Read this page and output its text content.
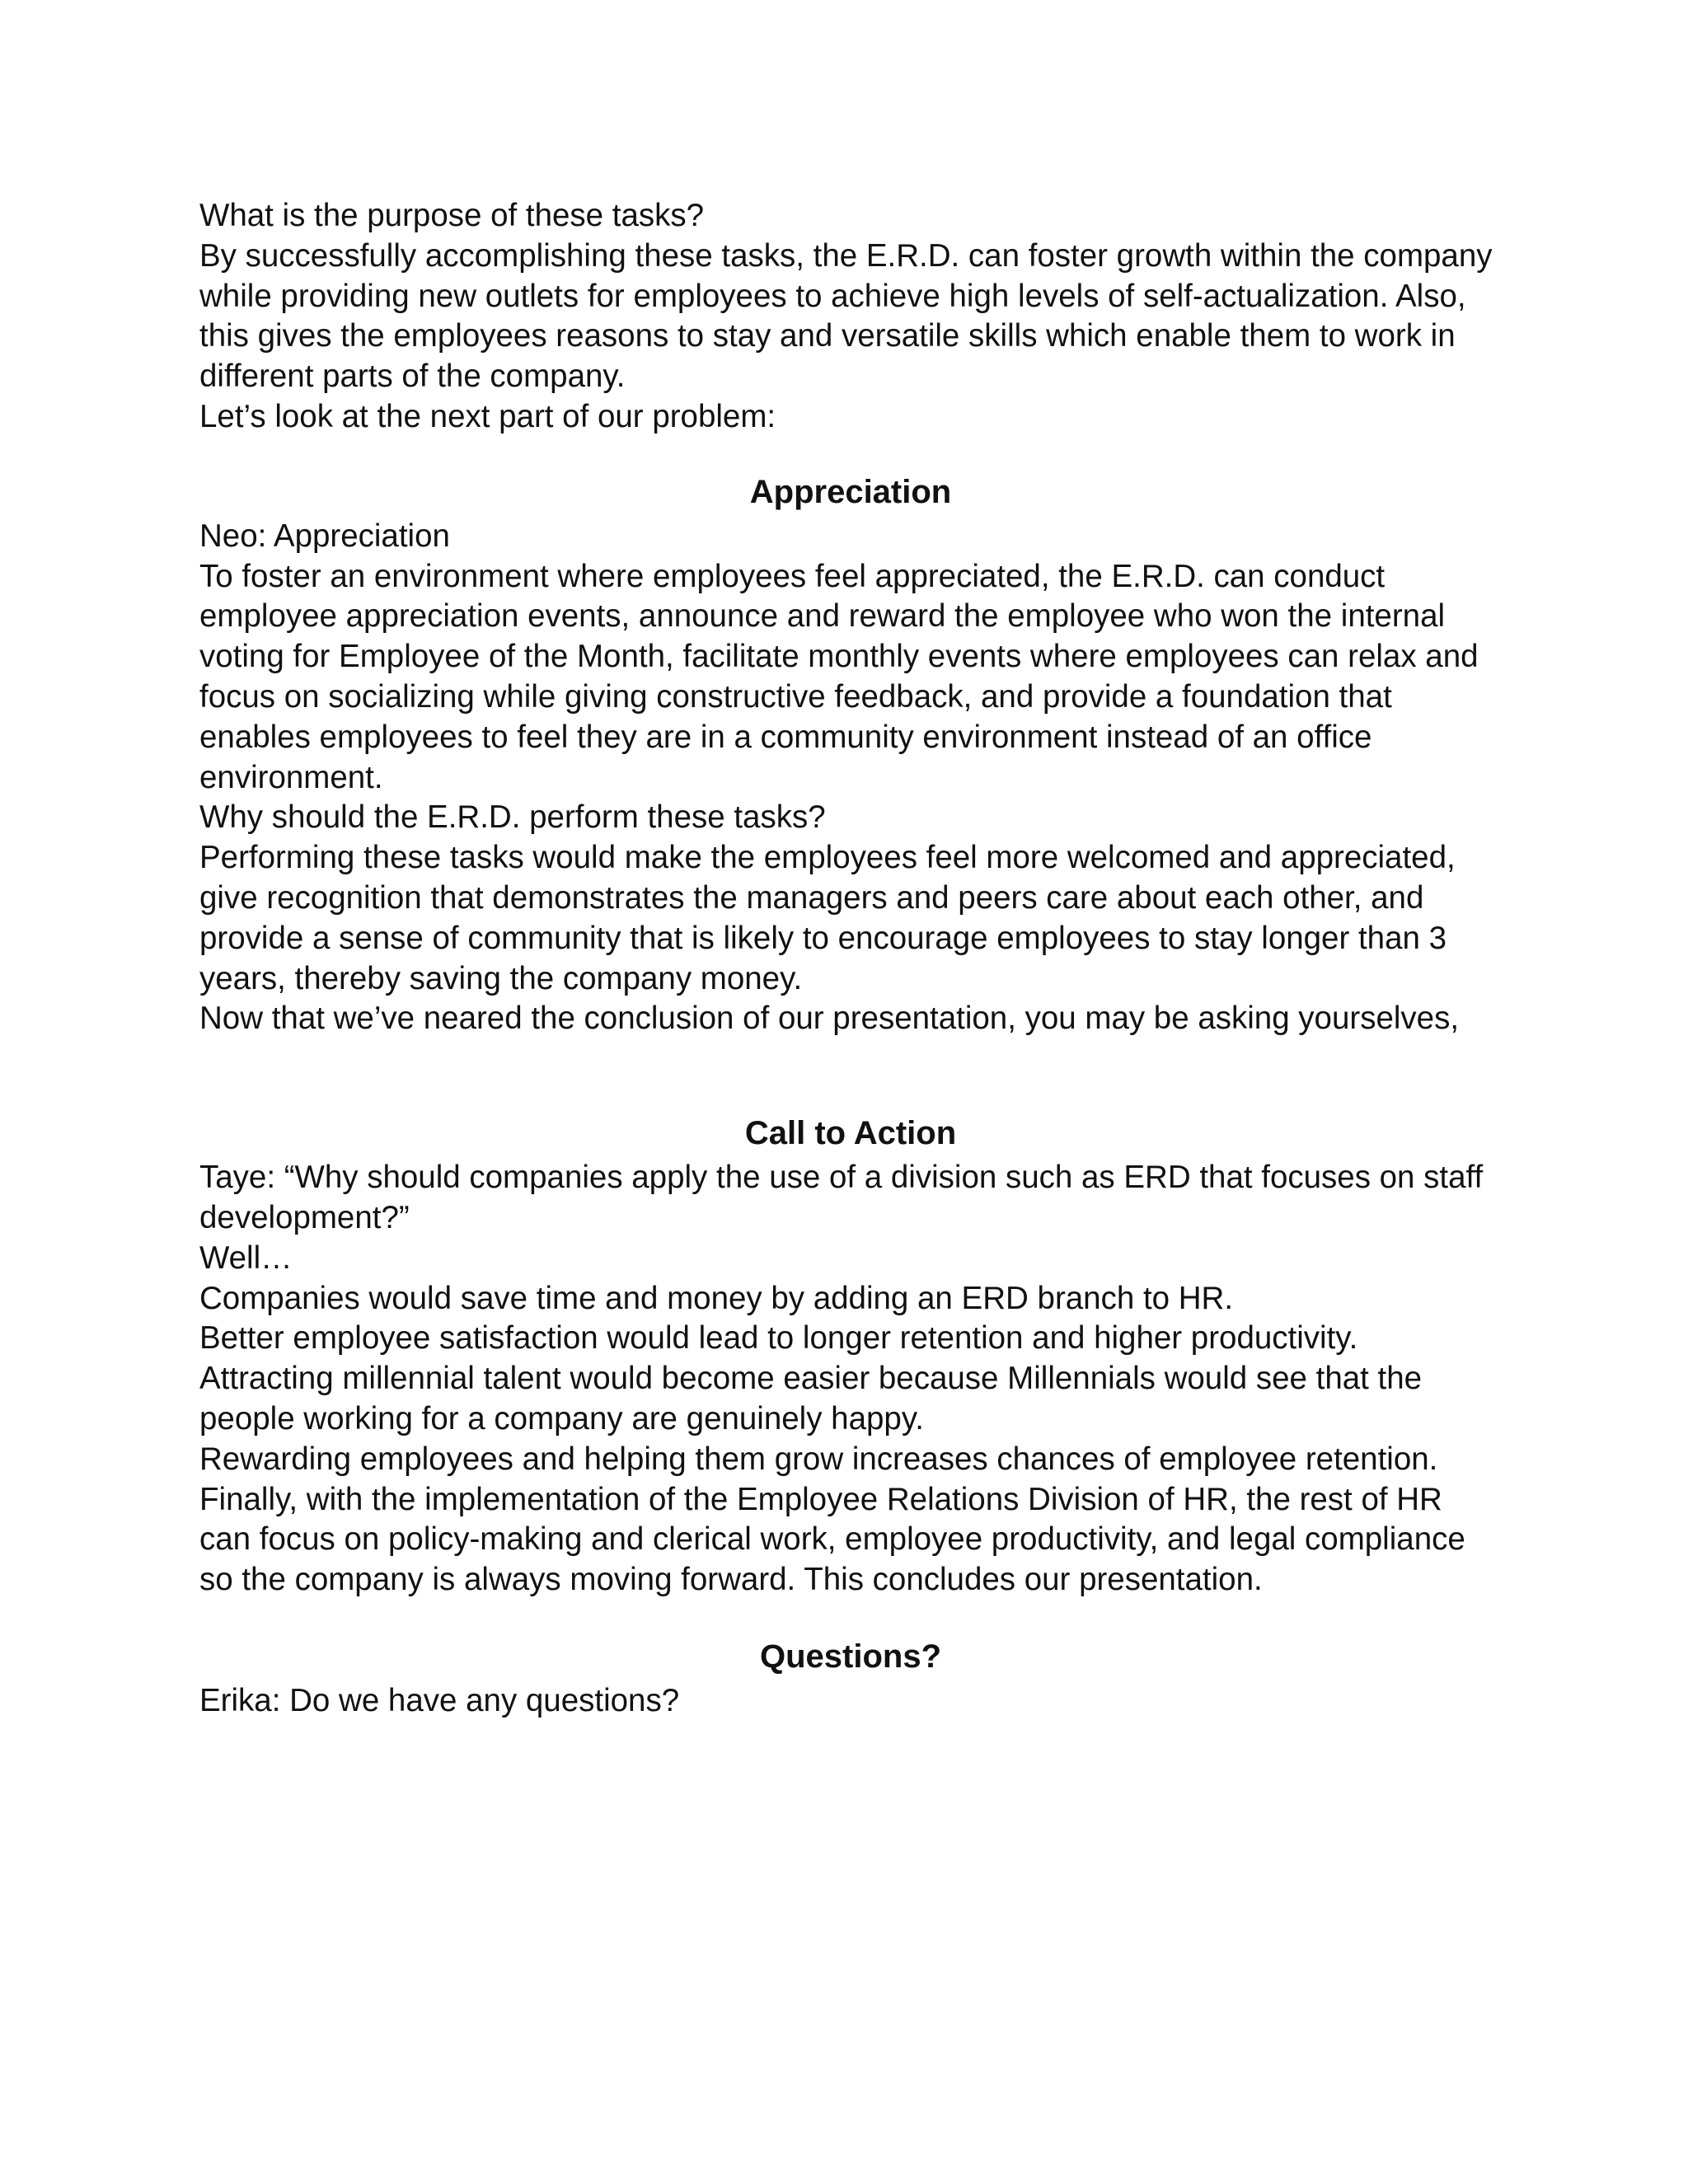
What is the purpose of these tasks?

By successfully accomplishing these tasks, the E.R.D. can foster growth within the company while providing new outlets for employees to achieve high levels of self-actualization. Also, this gives the employees reasons to stay and versatile skills which enable them to work in different parts of the company.

Let’s look at the next part of our problem:

Appreciation

Neo: Appreciation

To foster an environment where employees feel appreciated, the E.R.D. can conduct employee appreciation events, announce and reward the employee who won the internal voting for Employee of the Month, facilitate monthly events where employees can relax and focus on socializing while giving constructive feedback, and provide a foundation that enables employees to feel they are in a community environment instead of an office environment.

Why should the E.R.D. perform these tasks?

Performing these tasks would make the employees feel more welcomed and appreciated, give recognition that demonstrates the managers and peers care about each other, and provide a sense of community that is likely to encourage employees to stay longer than 3 years, thereby saving the company money.

Now that we’ve neared the conclusion of our presentation, you may be asking yourselves,

Call to Action

Taye: “Why should companies apply the use of a division such as ERD that focuses on staff development?”

Well…

Companies would save time and money by adding an ERD branch to HR.

Better employee satisfaction would lead to longer retention and higher productivity.

Attracting millennial talent would become easier because Millennials would see that the people working for a company are genuinely happy.

Rewarding employees and helping them grow increases chances of employee retention.

Finally, with the implementation of the Employee Relations Division of HR, the rest of HR can focus on policy-making and clerical work, employee productivity, and legal compliance so the company is always moving forward. This concludes our presentation.

Questions?

Erika: Do we have any questions?
